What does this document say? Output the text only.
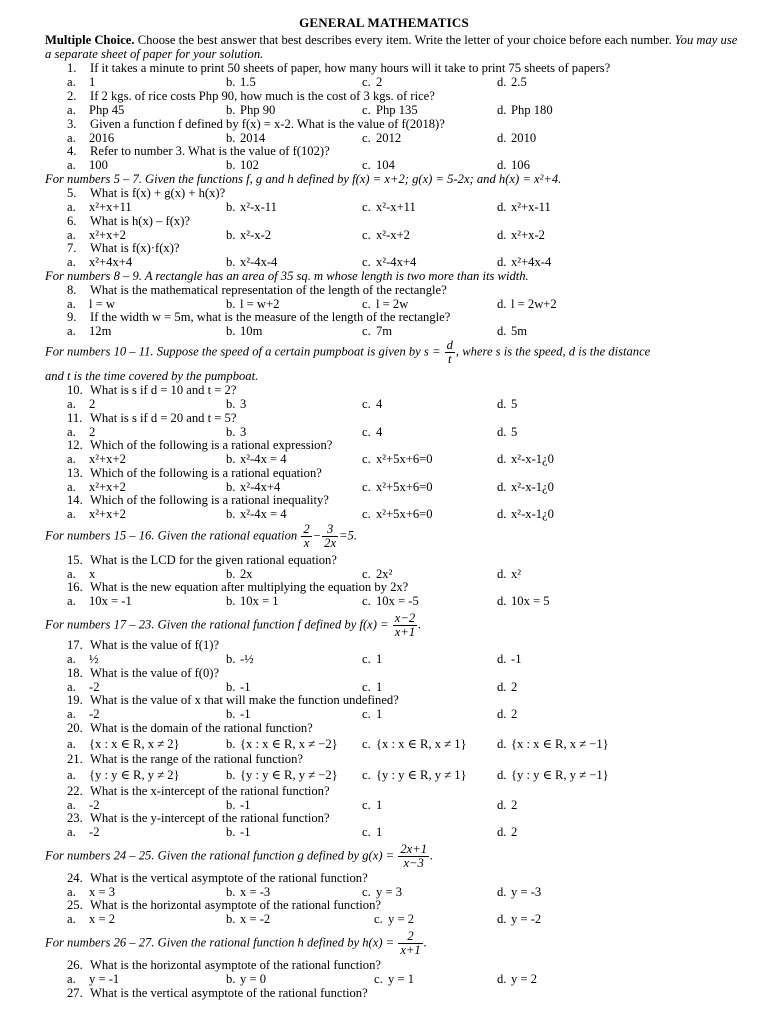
GENERAL MATHEMATICS
Multiple Choice. Choose the best answer that best describes every item. Write the letter of your choice before each number. You may use a separate sheet of paper for your solution.
For numbers 5 – 7. Given the functions f, g and h defined by f(x) = x+2; g(x) = 5-2x; and h(x) = x²+4.
For numbers 8 – 9. A rectangle has an area of 35 sq. m whose length is two more than its width.
For numbers 10 – 11. Suppose the speed of a certain pumpboat is given by $s = \frac{d}{t}$ , where s is the speed, d is the distance
and t is the time covered by the pumpboat.
For numbers 15 – 16. Given the rational equation $\frac{2}{x} - \frac{3}{2x} =5$.
For numbers 17 – 23. Given the rational function f defined by $f(x) = \frac{x-2}{x+1}$ .
For numbers 24 – 25. Given the rational function g defined by $g(x) = \frac{2x+1}{x-3}$ .
For numbers 26 – 27. Given the rational function h defined by $h(x) = \frac{2}{x+1}$ .
1. If it takes a minute to print 50 sheets of paper, how many hours will it take to print 75 sheets of papers?
a. 1	b. 1.5	c. 2	d. 2.5
2. If 2 kgs. of rice costs Php 90, how much is the cost of 3 kgs. of rice?
a. Php 45	b. Php 90	c. Php 135	d. Php 180
3. Given a function f defined by f(x) = x-2. What is the value of f(2018)?
a. 2016	b. 2014	c. 2012	d. 2010
4. Refer to number 3. What is the value of f(102)?
a. 100	b. 102	c. 104	d. 106
5. What is f(x) + g(x) + h(x)?
a. x²+x+11	b. x²-x-11	c. x²-x+11	d. x²+x-11
6. What is h(x) – f(x)?
a. x²+x+2	b. x²-x-2	c. x²-x+2	d. x²+x-2
7. What is f(x)·f(x)?
a. x²+4x+4	b. x²-4x-4	c. x²-4x+4	d. x²+4x-4
8. What is the mathematical representation of the length of the rectangle?
a. l = w	b. l = w+2	c. l = 2w	d. l = 2w+2
9. If the width w = 5m, what is the measure of the length of the rectangle?
a. 12m	b. 10m	c. 7m	d. 5m
10. What is s if d = 10 and t = 2?
a. 2	b. 3	c. 4	d. 5
11. What is s if d = 20 and t = 5?
a. 2	b. 3	c. 4	d. 5
12. Which of the following is a rational expression?
a. x²+x+2	b. x²-4x = 4	c. x²+5x+6=0	d. x²-x-1¿0
13. Which of the following is a rational equation?
a. x²+x+2	b. x²-4x+4	c. x²+5x+6=0	d. x²-x-1¿0
14. Which of the following is a rational inequality?
a. x²+x+2	b. x²-4x = 4	c. x²+5x+6=0	d. x²-x-1¿0
15. What is the LCD for the given rational equation?
a. x	b. 2x	c. 2x²	d. x²
16. What is the new equation after multiplying the equation by 2x?
a. 10x = -1	b. 10x = 1	c. 10x = -5	d. 10x = 5
17. What is the value of f(1)?
a. ½	b. -½	c. 1	d. -1
18. What is the value of f(0)?
a. -2	b. -1	c. 1	d. 2
19. What is the value of x that will make the function undefined?
a. -2	b. -1	c. 1	d. 2
20. What is the domain of the rational function?
a. {x : x ∈ R, x ≠ 2}	b. {x : x ∈ R, x ≠ −2} c. {x : x ∈ R, x ≠ 1} d. {x : x ∈ R, x ≠ −1}
21. What is the range of the rational function?
a. {y : y ∈ R, y ≠ 2}	b. {y : y ∈ R, y ≠ −2} c. {y : y ∈ R, y ≠ 1} d. {y : y ∈ R, y ≠ −1}
22. What is the x-intercept of the rational function?
a. -2	b. -1	c. 1	d. 2
23. What is the y-intercept of the rational function?
a. -2	b. -1	c. 1	d. 2
24. What is the vertical asymptote of the rational function?
a. x = 3	b. x = -3	c. y = 3	d. y = -3
25. What is the horizontal asymptote of the rational function?
a. x = 2	b. x = -2	c. y = 2	d. y = -2
26. What is the horizontal asymptote of the rational function?
a. y = -1	b. y = 0	c. y = 1	d. y = 2
27. What is the vertical asymptote of the rational function?
